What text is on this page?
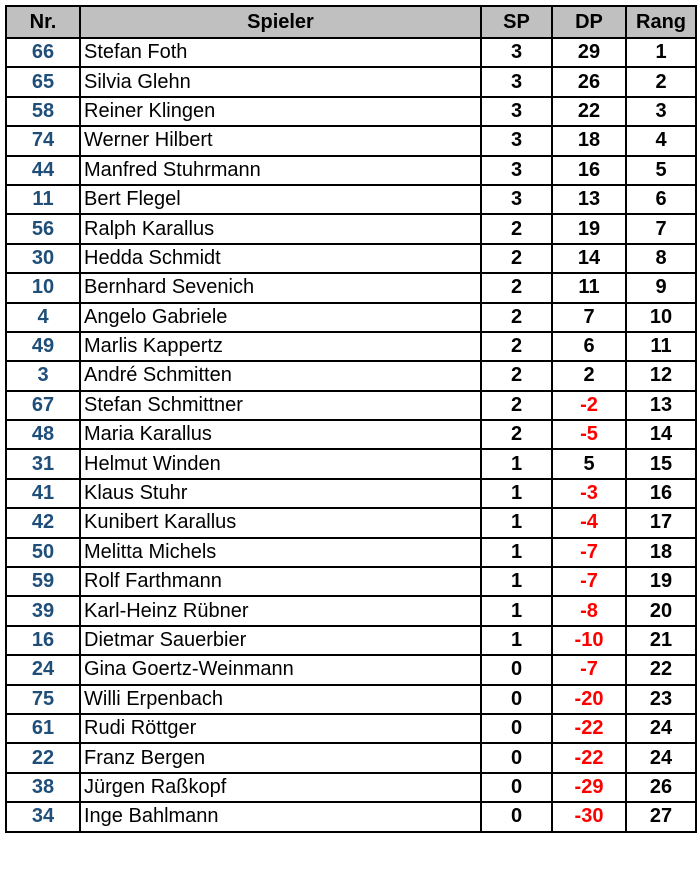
Nr.	Spieler	SP	DP	Rang
66	Stefan Foth	3	29	1
65	Silvia Glehn	3	26	2
58	Reiner Klingen	3	22	3
74	Werner Hilbert	3	18	4
44	Manfred Stuhrmann	3	16	5
11	Bert Flegel	3	13	6
56	Ralph Karallus	2	19	7
30	Hedda Schmidt	2	14	8
10	Bernhard Sevenich	2	11	9
4	Angelo Gabriele	2	7	10
49	Marlis Kappertz	2	6	11
3	André Schmitten	2	2	12
67	Stefan Schmittner	2	-2	13
48	Maria Karallus	2	-5	14
31	Helmut Winden	1	5	15
41	Klaus Stuhr	1	-3	16
42	Kunibert Karallus	1	-4	17
50	Melitta Michels	1	-7	18
59	Rolf Farthmann	1	-7	19
39	Karl-Heinz Rübner	1	-8	20
16	Dietmar Sauerbier	1	-10	21
24	Gina Goertz-Weinmann	0	-7	22
75	Willi Erpenbach	0	-20	23
61	Rudi Röttger	0	-22	24
22	Franz Bergen	0	-22	24
38	Jürgen Raßkopf	0	-29	26
34	Inge Bahlmann	0	-30	27
